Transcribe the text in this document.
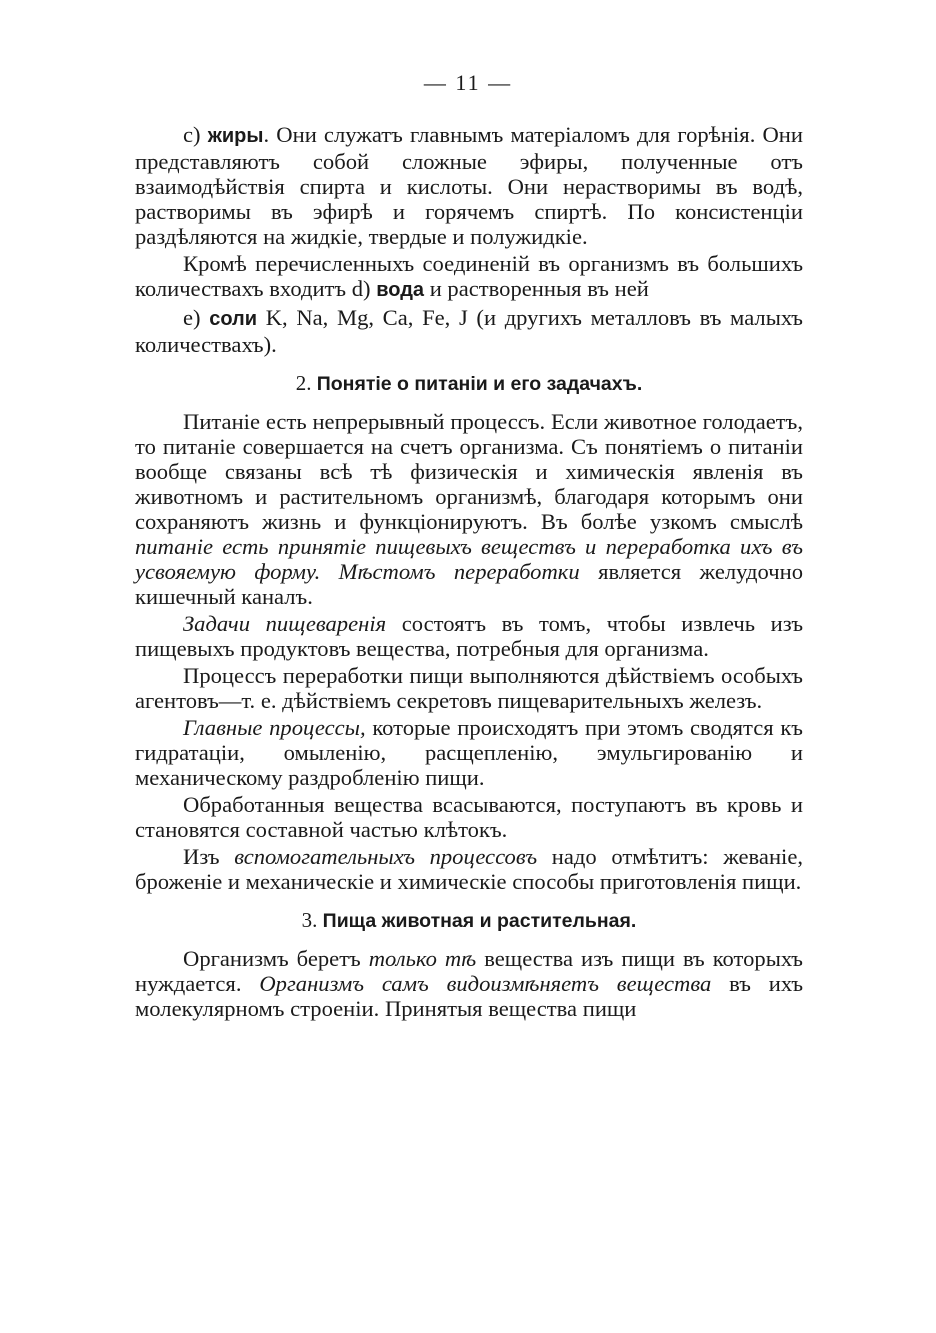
— 11 —

c) жиры. Они служатъ главнымъ матеріаломъ для горѣнія. Они представляютъ собой сложные эфиры, полученные отъ взаимодѣйствія спирта и кислоты. Они нерастворимы въ водѣ, растворимы въ эфирѣ и горячемъ спиртѣ. По консистенціи раздѣляются на жидкіе, твердые и полужидкіе.

Кромѣ перечисленныхъ соединеній въ организмъ въ большихъ количествахъ входитъ d) вода и растворенныя въ ней

e) соли K, Na, Mg, Ca, Fe, J (и другихъ металловъ въ малыхъ количествахъ).

2. Понятіе о питаніи и его задачахъ.

Питаніе есть непрерывный процессъ. Если животное голодаетъ, то питаніе совершается на счетъ организма. Съ понятіемъ о питаніи вообще связаны всѣ тѣ физическія и химическія явленія въ животномъ и растительномъ организмѣ, благодаря которымъ они сохраняютъ жизнь и функціонируютъ. Въ болѣе узкомъ смыслѣ питаніе есть принятіе пищевыхъ веществъ и переработка ихъ въ усвояемую форму. Мѣстомъ переработки является желудочно кишечный каналъ.

Задачи пищеваренія состоятъ въ томъ, чтобы извлечь изъ пищевыхъ продуктовъ вещества, потребныя для организма.

Процессъ переработки пищи выполняются дѣйствіемъ особыхъ агентовъ—т. е. дѣйствіемъ секретовъ пищеварительныхъ железъ.

Главные процессы, которые происходятъ при этомъ сводятся къ гидратаціи, омыленію, расщепленію, эмульгированію и механическому раздробленію пищи.

Обработанныя вещества всасываются, поступаютъ въ кровь и становятся составной частью клѣтокъ.

Изъ вспомогательныхъ процессовъ надо отмѣтитъ: жеваніе, броженіе и механическіе и химическіе способы приготовленія пищи.

3. Пища животная и растительная.

Организмъ беретъ только тѣ вещества изъ пищи въ которыхъ нуждается. Организмъ самъ видоизмѣняетъ вещества въ ихъ молекулярномъ строеніи. Принятыя вещества пищи
